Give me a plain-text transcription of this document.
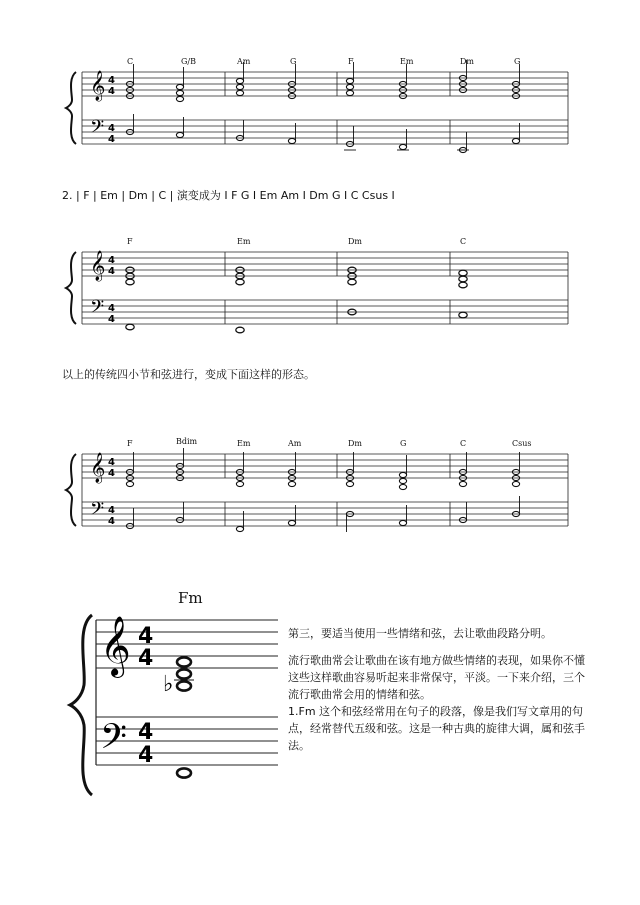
𝄞
𝄢
4
4
4
4
C	G/B	Am	G	F	Em	Dm	G
2. | F | Em | Dm | C | 演变成为 I F G I Em Am I Dm G I C Csus I
𝄞
𝄢
4
4
4
4
F	Em	Dm	C
以上的传统四小节和弦进行，变成下面这样的形态。
𝄞
𝄢
4
4
4
4
F	Bdim	Em	Am	Dm	G	C	Csus
Fm
𝄞
𝄢
4
4
4
4
♭

第三，要适当使用一些情绪和弦，去让歌曲段路分明。

流行歌曲常会让歌曲在该有地方做些情绪的表现，如果你不懂这些这样歌曲容易听起来非常保守，平淡。一下来介绍，三个流行歌曲常会用的情绪和弦。

1.Fm 这个和弦经常用在句子的段落，像是我们写文章用的句点，经常替代五级和弦。这是一种古典的旋律大调，属和弦手法。
